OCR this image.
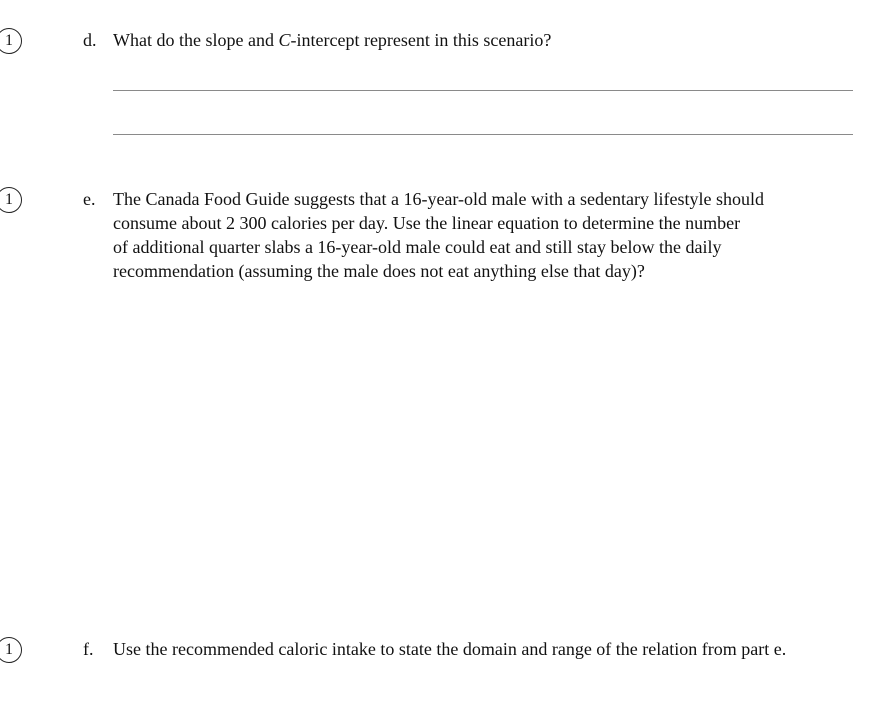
1	d. What do the slope and C-intercept represent in this scenario?
1	e. The Canada Food Guide suggests that a 16-year-old male with a sedentary lifestyle should
consume about 2 300 calories per day. Use the linear equation to determine the number
of additional quarter slabs a 16-year-old male could eat and still stay below the daily
recommendation (assuming the male does not eat anything else that day)?
1	f. Use the recommended caloric intake to state the domain and range of the relation from part e.
